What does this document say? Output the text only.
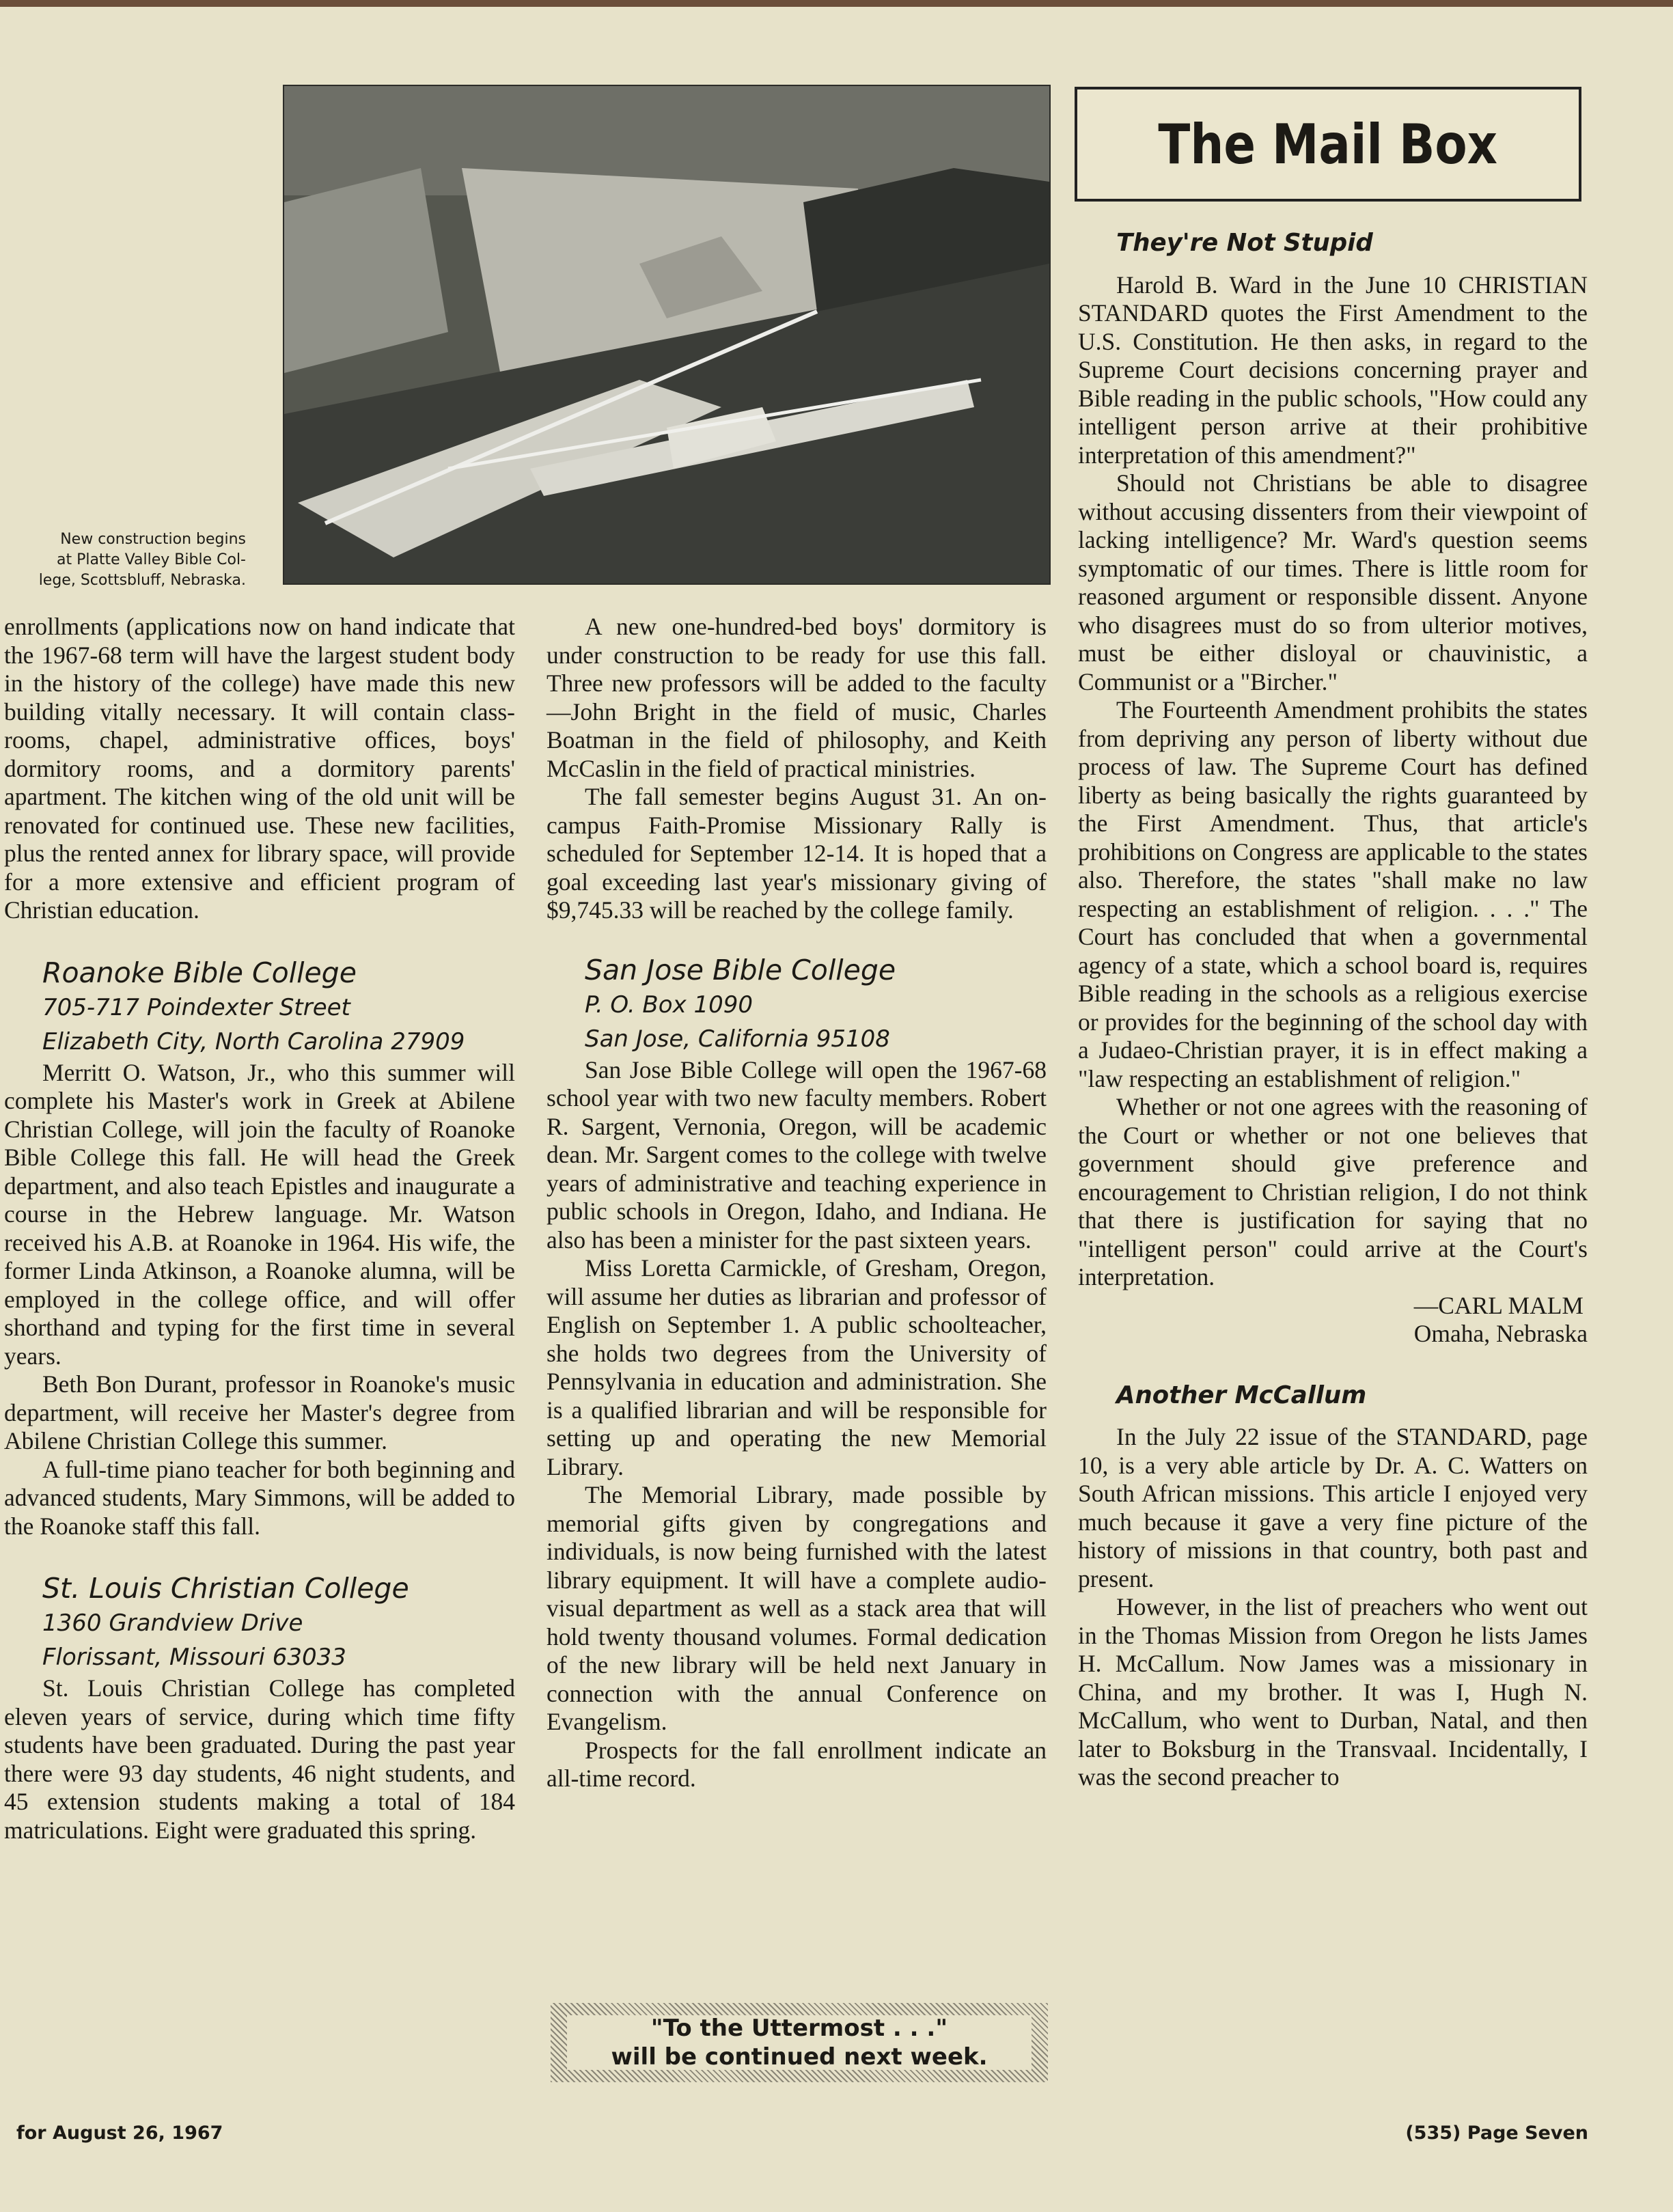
New construction begins
at Platte Valley Bible Col-
lege, Scottsbluff, Nebraska.

enrollments (applications now on hand indicate that the 1967-68 term will have the largest student body in the history of the college) have made this new building vitally necessary. It will contain class-rooms, chapel, administrative offices, boys' dormitory rooms, and a dormitory parents' apartment. The kitchen wing of the old unit will be renovated for continued use. These new facilities, plus the rented annex for library space, will provide for a more extensive and efficient program of Christian education.

Roanoke Bible College

705-717 Poindexter Street

Elizabeth City, North Carolina 27909

Merritt O. Watson, Jr., who this summer will complete his Master's work in Greek at Abilene Christian College, will join the faculty of Roanoke Bible College this fall. He will head the Greek department, and also teach Epistles and inaugurate a course in the Hebrew language. Mr. Watson received his A.B. at Roanoke in 1964. His wife, the former Linda Atkinson, a Roanoke alumna, will be employed in the college office, and will offer shorthand and typing for the first time in several years.

Beth Bon Durant, professor in Roanoke's music department, will receive her Master's degree from Abilene Christian College this summer.

A full-time piano teacher for both beginning and advanced students, Mary Simmons, will be added to the Roanoke staff this fall.

St. Louis Christian College

1360 Grandview Drive

Florissant, Missouri 63033

St. Louis Christian College has completed eleven years of service, during which time fifty students have been graduated. During the past year there were 93 day students, 46 night students, and 45 extension students making a total of 184 matriculations. Eight were graduated this spring.

A new one-hundred-bed boys' dormitory is under construction to be ready for use this fall. Three new professors will be added to the faculty—John Bright in the field of music, Charles Boatman in the field of philosophy, and Keith McCaslin in the field of practical ministries.

The fall semester begins August 31. An on-campus Faith-Promise Missionary Rally is scheduled for September 12-14. It is hoped that a goal exceeding last year's missionary giving of $9,745.33 will be reached by the college family.

San Jose Bible College

P. O. Box 1090

San Jose, California 95108

San Jose Bible College will open the 1967-68 school year with two new faculty members. Robert R. Sargent, Vernonia, Oregon, will be academic dean. Mr. Sargent comes to the college with twelve years of administrative and teaching experience in public schools in Oregon, Idaho, and Indiana. He also has been a minister for the past sixteen years.

Miss Loretta Carmickle, of Gresham, Oregon, will assume her duties as librarian and professor of English on September 1. A public schoolteacher, she holds two degrees from the University of Pennsylvania in education and administration. She is a qualified librarian and will be responsible for setting up and operating the new Memorial Library.

The Memorial Library, made possible by memorial gifts given by congregations and individuals, is now being furnished with the latest library equipment. It will have a complete audio-visual department as well as a stack area that will hold twenty thousand volumes. Formal dedication of the new library will be held next January in connection with the annual Conference on Evangelism.

Prospects for the fall enrollment indicate an all-time record.

"To the Uttermost . . ."
will be continued next week.
The Mail Box

They're Not Stupid

Harold B. Ward in the June 10 CHRISTIAN STANDARD quotes the First Amendment to the U.S. Constitution. He then asks, in regard to the Supreme Court decisions concerning prayer and Bible reading in the public schools, "How could any intelligent person arrive at their prohibitive interpretation of this amendment?"

Should not Christians be able to disagree without accusing dissenters from their viewpoint of lacking intelligence? Mr. Ward's question seems symptomatic of our times. There is little room for reasoned argument or responsible dissent. Anyone who disagrees must do so from ulterior motives, must be either disloyal or chauvinistic, a Communist or a "Bircher."

The Fourteenth Amendment prohibits the states from depriving any person of liberty without due process of law. The Supreme Court has defined liberty as being basically the rights guaranteed by the First Amendment. Thus, that article's prohibitions on Congress are applicable to the states also. Therefore, the states "shall make no law respecting an establishment of religion. . . ." The Court has concluded that when a governmental agency of a state, which a school board is, requires Bible reading in the schools as a religious exercise or provides for the beginning of the school day with a Judaeo-Christian prayer, it is in effect making a "law respecting an establishment of religion."

Whether or not one agrees with the reasoning of the Court or whether or not one believes that government should give preference and encouragement to Christian religion, I do not think that there is justification for saying that no "intelligent person" could arrive at the Court's interpretation.

—CARL MALM
Omaha, Nebraska

Another McCallum

In the July 22 issue of the STANDARD, page 10, is a very able article by Dr. A. C. Watters on South African missions. This article I enjoyed very much because it gave a very fine picture of the history of missions in that country, both past and present.

However, in the list of preachers who went out in the Thomas Mission from Oregon he lists James H. McCallum. Now James was a missionary in China, and my brother. It was I, Hugh N. McCallum, who went to Durban, Natal, and then later to Boksburg in the Transvaal. Incidentally, I was the second preacher to

for August 26, 1967	(535) Page Seven
